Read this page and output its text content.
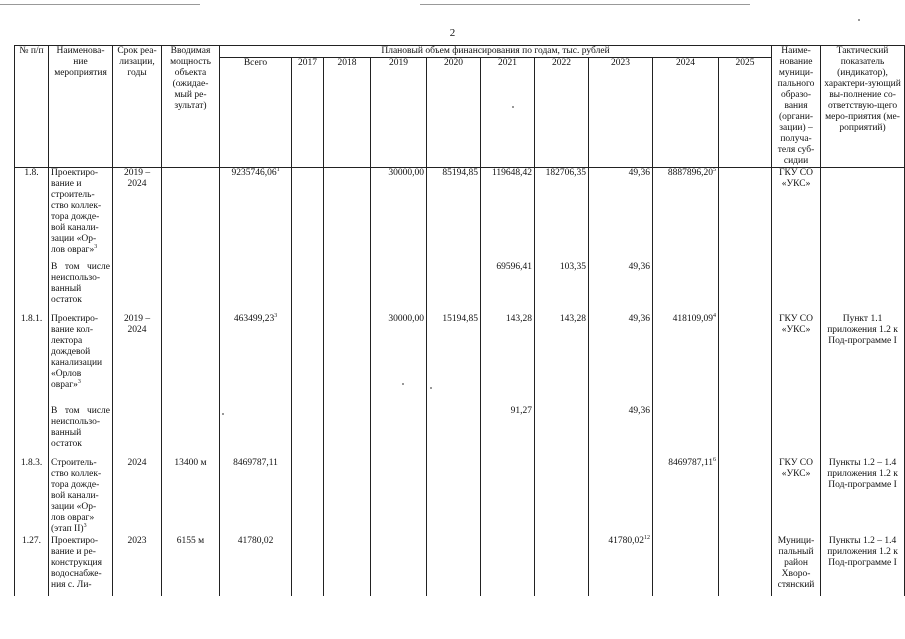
2
№ п/п	Наименова-ние мероприятия	Срок реа-лизации, годы	Вводимая мощность объекта (ожидае-мый ре-зультат)	Плановый объем финансирования по годам, тыс. рублей										Наиме-нование муници-пального образо-вания (органи-зации) – получа-теля суб-сидии	Тактический показатель (индикатор), характери-зующий вы-полнение со-ответствую-щего меро-приятия (ме-роприятий)
				Всего	2017	2018	2019	2020	2021	2022	2023	2024	2025		
1.8.	Проектиро-вание и строитель-ство коллек-тора дожде-вой канали-зации «Ор-лов овраг»$^3$	2019 – 2024		9235746,06$^1$			30000,00	85194,85	119648,42	182706,35	49,36	8887896,20$^5$		ГКУ СО «УКС»	
	В том числе неиспользо-ванный остаток								69596,41	103,35	49,36				
1.8.1.	Проектиро-вание кол-лектора дождевой канализации «Орлов овраг»$^3$	2019 – 2024		463499,23$^3$			30000,00	15194,85	143,28	143,28	49,36	418109,09$^4$		ГКУ СО «УКС»	Пункт 1.1 приложения 1.2 к Под-программе I
	В том числе неиспользо-ванный остаток								91,27		49,36				
1.8.3.	Строитель-ство коллек-тора дожде-вой канали-зации «Ор-лов овраг» (этап II)$^3$	2024	13400 м	8469787,11								8469787,11$^6$		ГКУ СО «УКС»	Пункты 1.2 – 1.4 приложения 1.2 к Под-программе I
1.27.	Проектиро-вание и ре-конструкция водоснабже-ния с. Ли-	2023	6155 м	41780,02							41780,02$^{12}$			Муници-пальный район Хворо-стянский	Пункты 1.2 – 1.4 приложения 1.2 к Под-программе I
